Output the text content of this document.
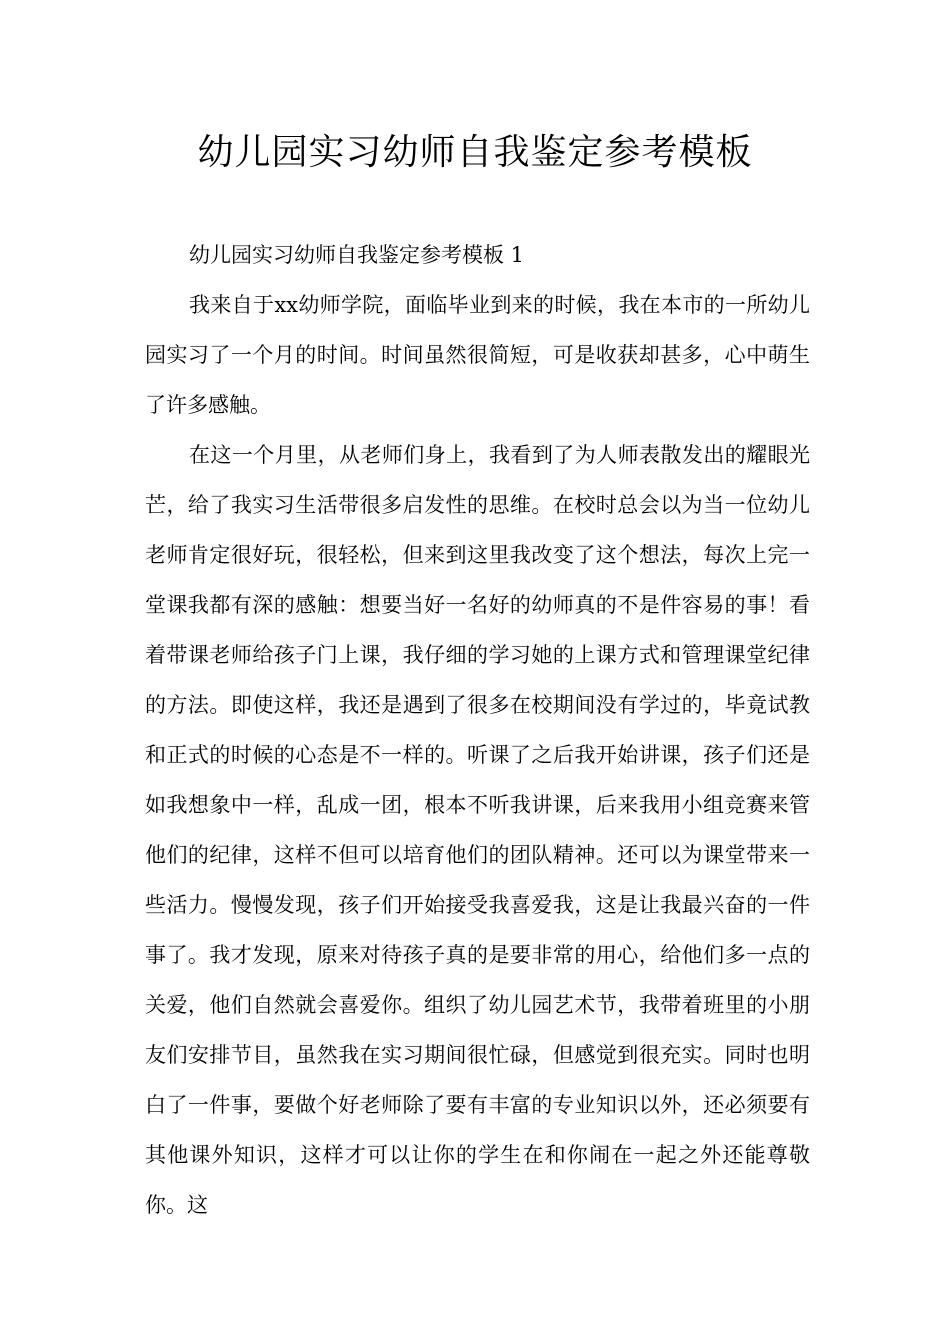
幼儿园实习幼师自我鉴定参考模板

幼儿园实习幼师自我鉴定参考模板 1

我来自于xx幼师学院，面临毕业到来的时候，我在本市的一所幼儿园实习了一个月的时间。时间虽然很简短，可是收获却甚多，心中萌生了许多感触。

在这一个月里，从老师们身上，我看到了为人师表散发出的耀眼光芒，给了我实习生活带很多启发性的思维。在校时总会以为当一位幼儿老师肯定很好玩，很轻松，但来到这里我改变了这个想法，每次上完一堂课我都有深的感触：想要当好一名好的幼师真的不是件容易的事！看着带课老师给孩子门上课，我仔细的学习她的上课方式和管理课堂纪律的方法。即使这样，我还是遇到了很多在校期间没有学过的，毕竟试教和正式的时候的心态是不一样的。听课了之后我开始讲课，孩子们还是如我想象中一样，乱成一团，根本不听我讲课，后来我用小组竞赛来管他们的纪律，这样不但可以培育他们的团队精神。还可以为课堂带来一些活力。慢慢发现，孩子们开始接受我喜爱我，这是让我最兴奋的一件事了。我才发现，原来对待孩子真的是要非常的用心，给他们多一点的关爱，他们自然就会喜爱你。组织了幼儿园艺术节，我带着班里的小朋友们安排节目，虽然我在实习期间很忙碌，但感觉到很充实。同时也明白了一件事，要做个好老师除了要有丰富的专业知识以外，还必须要有其他课外知识，这样才可以让你的学生在和你闹在一起之外还能尊敬你。这
